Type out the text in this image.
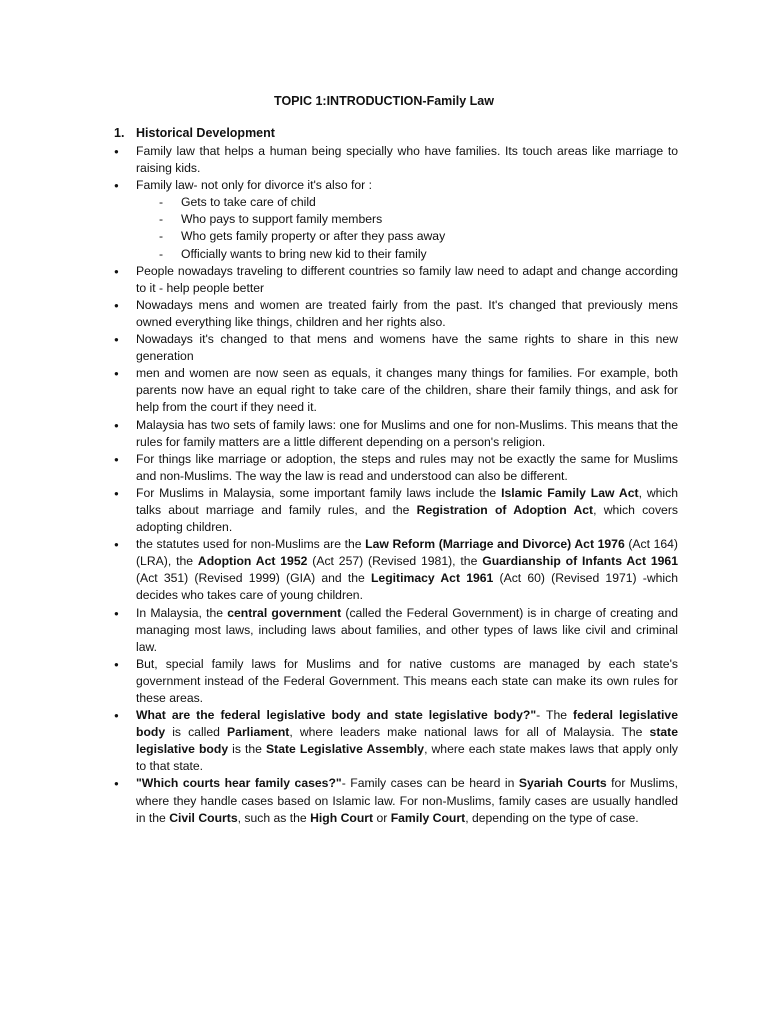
TOPIC 1:INTRODUCTION-Family Law
1. Historical Development
● Family law that helps a human being specially who have families. Its touch areas like marriage to raising kids.
● Family law- not only for divorce it's also for :
- Gets to take care of child
- Who pays to support family members
- Who gets family property or after they pass away
- Officially wants to bring new kid to their family
● People nowadays traveling to different countries so family law need to adapt and change according to it - help people better
● Nowadays mens and women are treated fairly from the past. It's changed that previously mens owned everything like things, children and her rights also.
● Nowadays it's changed to that mens and womens have the same rights to share in this new generation
● men and women are now seen as equals, it changes many things for families. For example, both parents now have an equal right to take care of the children, share their family things, and ask for help from the court if they need it.
● Malaysia has two sets of family laws: one for Muslims and one for non-Muslims. This means that the rules for family matters are a little different depending on a person's religion.
● For things like marriage or adoption, the steps and rules may not be exactly the same for Muslims and non-Muslims. The way the law is read and understood can also be different.
● For Muslims in Malaysia, some important family laws include the Islamic Family Law Act, which talks about marriage and family rules, and the Registration of Adoption Act, which covers adopting children.
● the statutes used for non-Muslims are the Law Reform (Marriage and Divorce) Act 1976 (Act 164) (LRA), the Adoption Act 1952 (Act 257) (Revised 1981), the Guardianship of Infants Act 1961 (Act 351) (Revised 1999) (GIA) and the Legitimacy Act 1961 (Act 60) (Revised 1971) -which decides who takes care of young children.
● In Malaysia, the central government (called the Federal Government) is in charge of creating and managing most laws, including laws about families, and other types of laws like civil and criminal law.
● But, special family laws for Muslims and for native customs are managed by each state's government instead of the Federal Government. This means each state can make its own rules for these areas.
● What are the federal legislative body and state legislative body?"- The federal legislative body is called Parliament, where leaders make national laws for all of Malaysia. The state legislative body is the State Legislative Assembly, where each state makes laws that apply only to that state.
● "Which courts hear family cases?"- Family cases can be heard in Syariah Courts for Muslims, where they handle cases based on Islamic law. For non-Muslims, family cases are usually handled in the Civil Courts, such as the High Court or Family Court, depending on the type of case.
